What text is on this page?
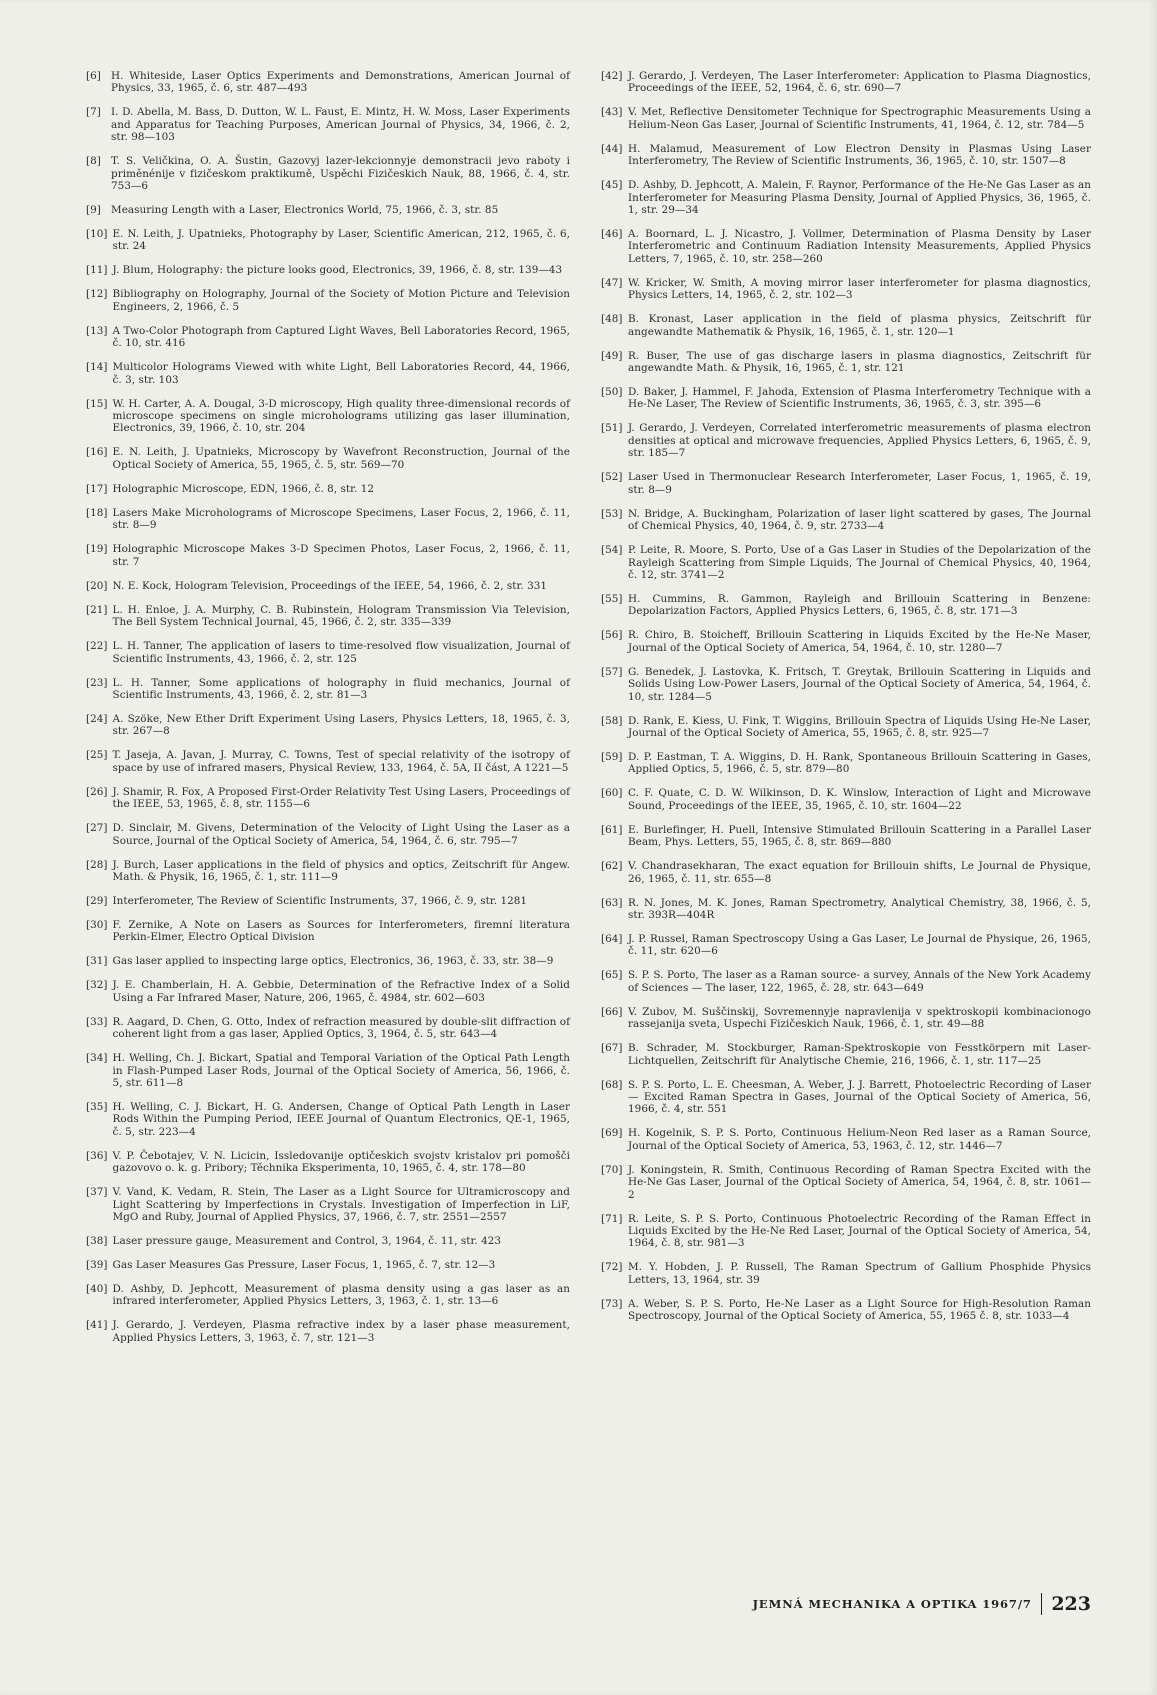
[6] H. Whiteside, Laser Optics Experiments and Demonstrations, American Journal of Physics, 33, 1965, č. 6, str. 487—493
[7] I. D. Abella, M. Bass, D. Dutton, W. L. Faust, E. Mintz, H. W. Moss, Laser Experiments and Apparatus for Teaching Purposes, American Journal of Physics, 34, 1966, č. 2, str. 98—103
[8] T. S. Veličkina, O. A. Šustin, Gazovyj lazer-lekcionnyje demonstracii jevo raboty i priměnénije v fizičeskom praktikumě, Uspěchi Fizičeskich Nauk, 88, 1966, č. 4, str. 753—6
[9] Measuring Length with a Laser, Electronics World, 75, 1966, č. 3, str. 85
[10] E. N. Leith, J. Upatnieks, Photography by Laser, Scientific American, 212, 1965, č. 6, str. 24
[11] J. Blum, Holography: the picture looks good, Electronics, 39, 1966, č. 8, str. 139—43
[12] Bibliography on Holography, Journal of the Society of Motion Picture and Television Engineers, 2, 1966, č. 5
[13] A Two-Color Photograph from Captured Light Waves, Bell Laboratories Record, 1965, č. 10, str. 416
[14] Multicolor Holograms Viewed with white Light, Bell Laboratories Record, 44, 1966, č. 3, str. 103
[15] W. H. Carter, A. A. Dougal, 3-D microscopy, High quality three-dimensional records of microscope specimens on single microholograms utilizing gas laser illumination, Electronics, 39, 1966, č. 10, str. 204
[16] E. N. Leith, J. Upatnieks, Microscopy by Wavefront Reconstruction, Journal of the Optical Society of America, 55, 1965, č. 5, str. 569—70
[17] Holographic Microscope, EDN, 1966, č. 8, str. 12
[18] Lasers Make Microholograms of Microscope Specimens, Laser Focus, 2, 1966, č. 11, str. 8—9
[19] Holographic Microscope Makes 3-D Specimen Photos, Laser Focus, 2, 1966, č. 11, str. 7
[20] N. E. Kock, Hologram Television, Proceedings of the IEEE, 54, 1966, č. 2, str. 331
[21] L. H. Enloe, J. A. Murphy, C. B. Rubinstein, Hologram Transmission Via Television, The Bell System Technical Journal, 45, 1966, č. 2, str. 335—339
[22] L. H. Tanner, The application of lasers to time-resolved flow visualization, Journal of Scientific Instruments, 43, 1966, č. 2, str. 125
[23] L. H. Tanner, Some applications of holography in fluid mechanics, Journal of Scientific Instruments, 43, 1966, č. 2, str. 81—3
[24] A. Szöke, New Ether Drift Experiment Using Lasers, Physics Letters, 18, 1965, č. 3, str. 267—8
[25] T. Jaseja, A. Javan, J. Murray, C. Towns, Test of special relativity of the isotropy of space by use of infrared masers, Physical Review, 133, 1964, č. 5A, II část, A 1221—5
[26] J. Shamir, R. Fox, A Proposed First-Order Relativity Test Using Lasers, Proceedings of the IEEE, 53, 1965, č. 8, str. 1155—6
[27] D. Sinclair, M. Givens, Determination of the Velocity of Light Using the Laser as a Source, Journal of the Optical Society of America, 54, 1964, č. 6, str. 795—7
[28] J. Burch, Laser applications in the field of physics and optics, Zeitschrift für Angew. Math. & Physik, 16, 1965, č. 1, str. 111—9
[29] Interferometer, The Review of Scientific Instruments, 37, 1966, č. 9, str. 1281
[30] F. Zernike, A Note on Lasers as Sources for Interferometers, firemní literatura Perkin-Elmer, Electro Optical Division
[31] Gas laser applied to inspecting large optics, Electronics, 36, 1963, č. 33, str. 38—9
[32] J. E. Chamberlain, H. A. Gebbie, Determination of the Refractive Index of a Solid Using a Far Infrared Maser, Nature, 206, 1965, č. 4984, str. 602—603
[33] R. Aagard, D. Chen, G. Otto, Index of refraction measured by double-slit diffraction of coherent light from a gas laser, Applied Optics, 3, 1964, č. 5, str. 643—4
[34] H. Welling, Ch. J. Bickart, Spatial and Temporal Variation of the Optical Path Length in Flash-Pumped Laser Rods, Journal of the Optical Society of America, 56, 1966, č. 5, str. 611—8
[35] H. Welling, C. J. Bickart, H. G. Andersen, Change of Optical Path Length in Laser Rods Within the Pumping Period, IEEE Journal of Quantum Electronics, QE-1, 1965, č. 5, str. 223—4
[36] V. P. Čebotajev, V. N. Licicin, Issledovanije optičeskich svojstv kristalov pri pomošči gazovovo o. k. g. Pribory; Těchnika Eksperimenta, 10, 1965, č. 4, str. 178—80
[37] V. Vand, K. Vedam, R. Stein, The Laser as a Light Source for Ultramicroscopy and Light Scattering by Imperfections in Crystals. Investigation of Imperfection in LiF, MgO and Ruby, Journal of Applied Physics, 37, 1966, č. 7, str. 2551—2557
[38] Laser pressure gauge, Measurement and Control, 3, 1964, č. 11, str. 423
[39] Gas Laser Measures Gas Pressure, Laser Focus, 1, 1965, č. 7, str. 12—3
[40] D. Ashby, D. Jephcott, Measurement of plasma density using a gas laser as an infrared interferometer, Applied Physics Letters, 3, 1963, č. 1, str. 13—6
[41] J. Gerardo, J. Verdeyen, Plasma refractive index by a laser phase measurement, Applied Physics Letters, 3, 1963, č. 7, str. 121—3
[42] J. Gerardo, J. Verdeyen, The Laser Interferometer: Application to Plasma Diagnostics, Proceedings of the IEEE, 52, 1964, č. 6, str. 690—7
[43] V. Met, Reflective Densitometer Technique for Spectrographic Measurements Using a Helium-Neon Gas Laser, Journal of Scientific Instruments, 41, 1964, č. 12, str. 784—5
[44] H. Malamud, Measurement of Low Electron Density in Plasmas Using Laser Interferometry, The Review of Scientific Instruments, 36, 1965, č. 10, str. 1507—8
[45] D. Ashby, D. Jephcott, A. Malein, F. Raynor, Performance of the He-Ne Gas Laser as an Interferometer for Measuring Plasma Density, Journal of Applied Physics, 36, 1965, č. 1, str. 29—34
[46] A. Boornard, L. J. Nicastro, J. Vollmer, Determination of Plasma Density by Laser Interferometric and Continuum Radiation Intensity Measurements, Applied Physics Letters, 7, 1965, č. 10, str. 258—260
[47] W. Kricker, W. Smith, A moving mirror laser interferometer for plasma diagnostics, Physics Letters, 14, 1965, č. 2, str. 102—3
[48] B. Kronast, Laser application in the field of plasma physics, Zeitschrift für angewandte Mathematik & Physik, 16, 1965, č. 1, str. 120—1
[49] R. Buser, The use of gas discharge lasers in plasma diagnostics, Zeitschrift für angewandte Math. & Physik, 16, 1965, č. 1, str. 121
[50] D. Baker, J. Hammel, F. Jahoda, Extension of Plasma Interferometry Technique with a He-Ne Laser, The Review of Scientific Instruments, 36, 1965, č. 3, str. 395—6
[51] J. Gerardo, J. Verdeyen, Correlated interferometric measurements of plasma electron densities at optical and microwave frequencies, Applied Physics Letters, 6, 1965, č. 9, str. 185—7
[52] Laser Used in Thermonuclear Research Interferometer, Laser Focus, 1, 1965, č. 19, str. 8—9
[53] N. Bridge, A. Buckingham, Polarization of laser light scattered by gases, The Journal of Chemical Physics, 40, 1964, č. 9, str. 2733—4
[54] P. Leite, R. Moore, S. Porto, Use of a Gas Laser in Studies of the Depolarization of the Rayleigh Scattering from Simple Liquids, The Journal of Chemical Physics, 40, 1964, č. 12, str. 3741—2
[55] H. Cummins, R. Gammon, Rayleigh and Brillouin Scattering in Benzene: Depolarization Factors, Applied Physics Letters, 6, 1965, č. 8, str. 171—3
[56] R. Chiro, B. Stoicheff, Brillouin Scattering in Liquids Excited by the He-Ne Maser, Journal of the Optical Society of America, 54, 1964, č. 10, str. 1280—7
[57] G. Benedek, J. Lastovka, K. Fritsch, T. Greytak, Brillouin Scattering in Liquids and Solids Using Low-Power Lasers, Journal of the Optical Society of America, 54, 1964, č. 10, str. 1284—5
[58] D. Rank, E. Kiess, U. Fink, T. Wiggins, Brillouin Spectra of Liquids Using He-Ne Laser, Journal of the Optical Society of America, 55, 1965, č. 8, str. 925—7
[59] D. P. Eastman, T. A. Wiggins, D. H. Rank, Spontaneous Brillouin Scattering in Gases, Applied Optics, 5, 1966, č. 5, str. 879—80
[60] C. F. Quate, C. D. W. Wilkinson, D. K. Winslow, Interaction of Light and Microwave Sound, Proceedings of the IEEE, 35, 1965, č. 10, str. 1604—22
[61] E. Burlefinger, H. Puell, Intensive Stimulated Brillouin Scattering in a Parallel Laser Beam, Phys. Letters, 55, 1965, č. 8, str. 869—880
[62] V. Chandrasekharan, The exact equation for Brillouin shifts, Le Journal de Physique, 26, 1965, č. 11, str. 655—8
[63] R. N. Jones, M. K. Jones, Raman Spectrometry, Analytical Chemistry, 38, 1966, č. 5, str. 393R—404R
[64] J. P. Russel, Raman Spectroscopy Using a Gas Laser, Le Journal de Physique, 26, 1965, č. 11, str. 620—6
[65] S. P. S. Porto, The laser as a Raman source- a survey, Annals of the New York Academy of Sciences — The laser, 122, 1965, č. 28, str. 643—649
[66] V. Zubov, M. Suščinskij, Sovremennyje napravlenija v spektroskopii kombinacionogo rassejanija sveta, Uspechi Fizičeskich Nauk, 1966, č. 1, str. 49—88
[67] B. Schrader, M. Stockburger, Raman-Spektroskopie von Fesstkörpern mit Laser-Lichtquellen, Zeitschrift für Analytische Chemie, 216, 1966, č. 1, str. 117—25
[68] S. P. S. Porto, L. E. Cheesman, A. Weber, J. J. Barrett, Photoelectric Recording of Laser — Excited Raman Spectra in Gases, Journal of the Optical Society of America, 56, 1966, č. 4, str. 551
[69] H. Kogelnik, S. P. S. Porto, Continuous Helium-Neon Red laser as a Raman Source, Journal of the Optical Society of America, 53, 1963, č. 12, str. 1446—7
[70] J. Koningstein, R. Smith, Continuous Recording of Raman Spectra Excited with the He-Ne Gas Laser, Journal of the Optical Society of America, 54, 1964, č. 8, str. 1061—2
[71] R. Leite, S. P. S. Porto, Continuous Photoelectric Recording of the Raman Effect in Liquids Excited by the He-Ne Red Laser, Journal of the Optical Society of America, 54, 1964, č. 8, str. 981—3
[72] M. Y. Hobden, J. P. Russell, The Raman Spectrum of Gallium Phosphide Physics Letters, 13, 1964, str. 39
[73] A. Weber, S. P. S. Porto, He-Ne Laser as a Light Source for High-Resolution Raman Spectroscopy, Journal of the Optical Society of America, 55, 1965 č. 8, str. 1033—4
JEMNÁ MECHANIKA A OPTIKA 1967/7 223
